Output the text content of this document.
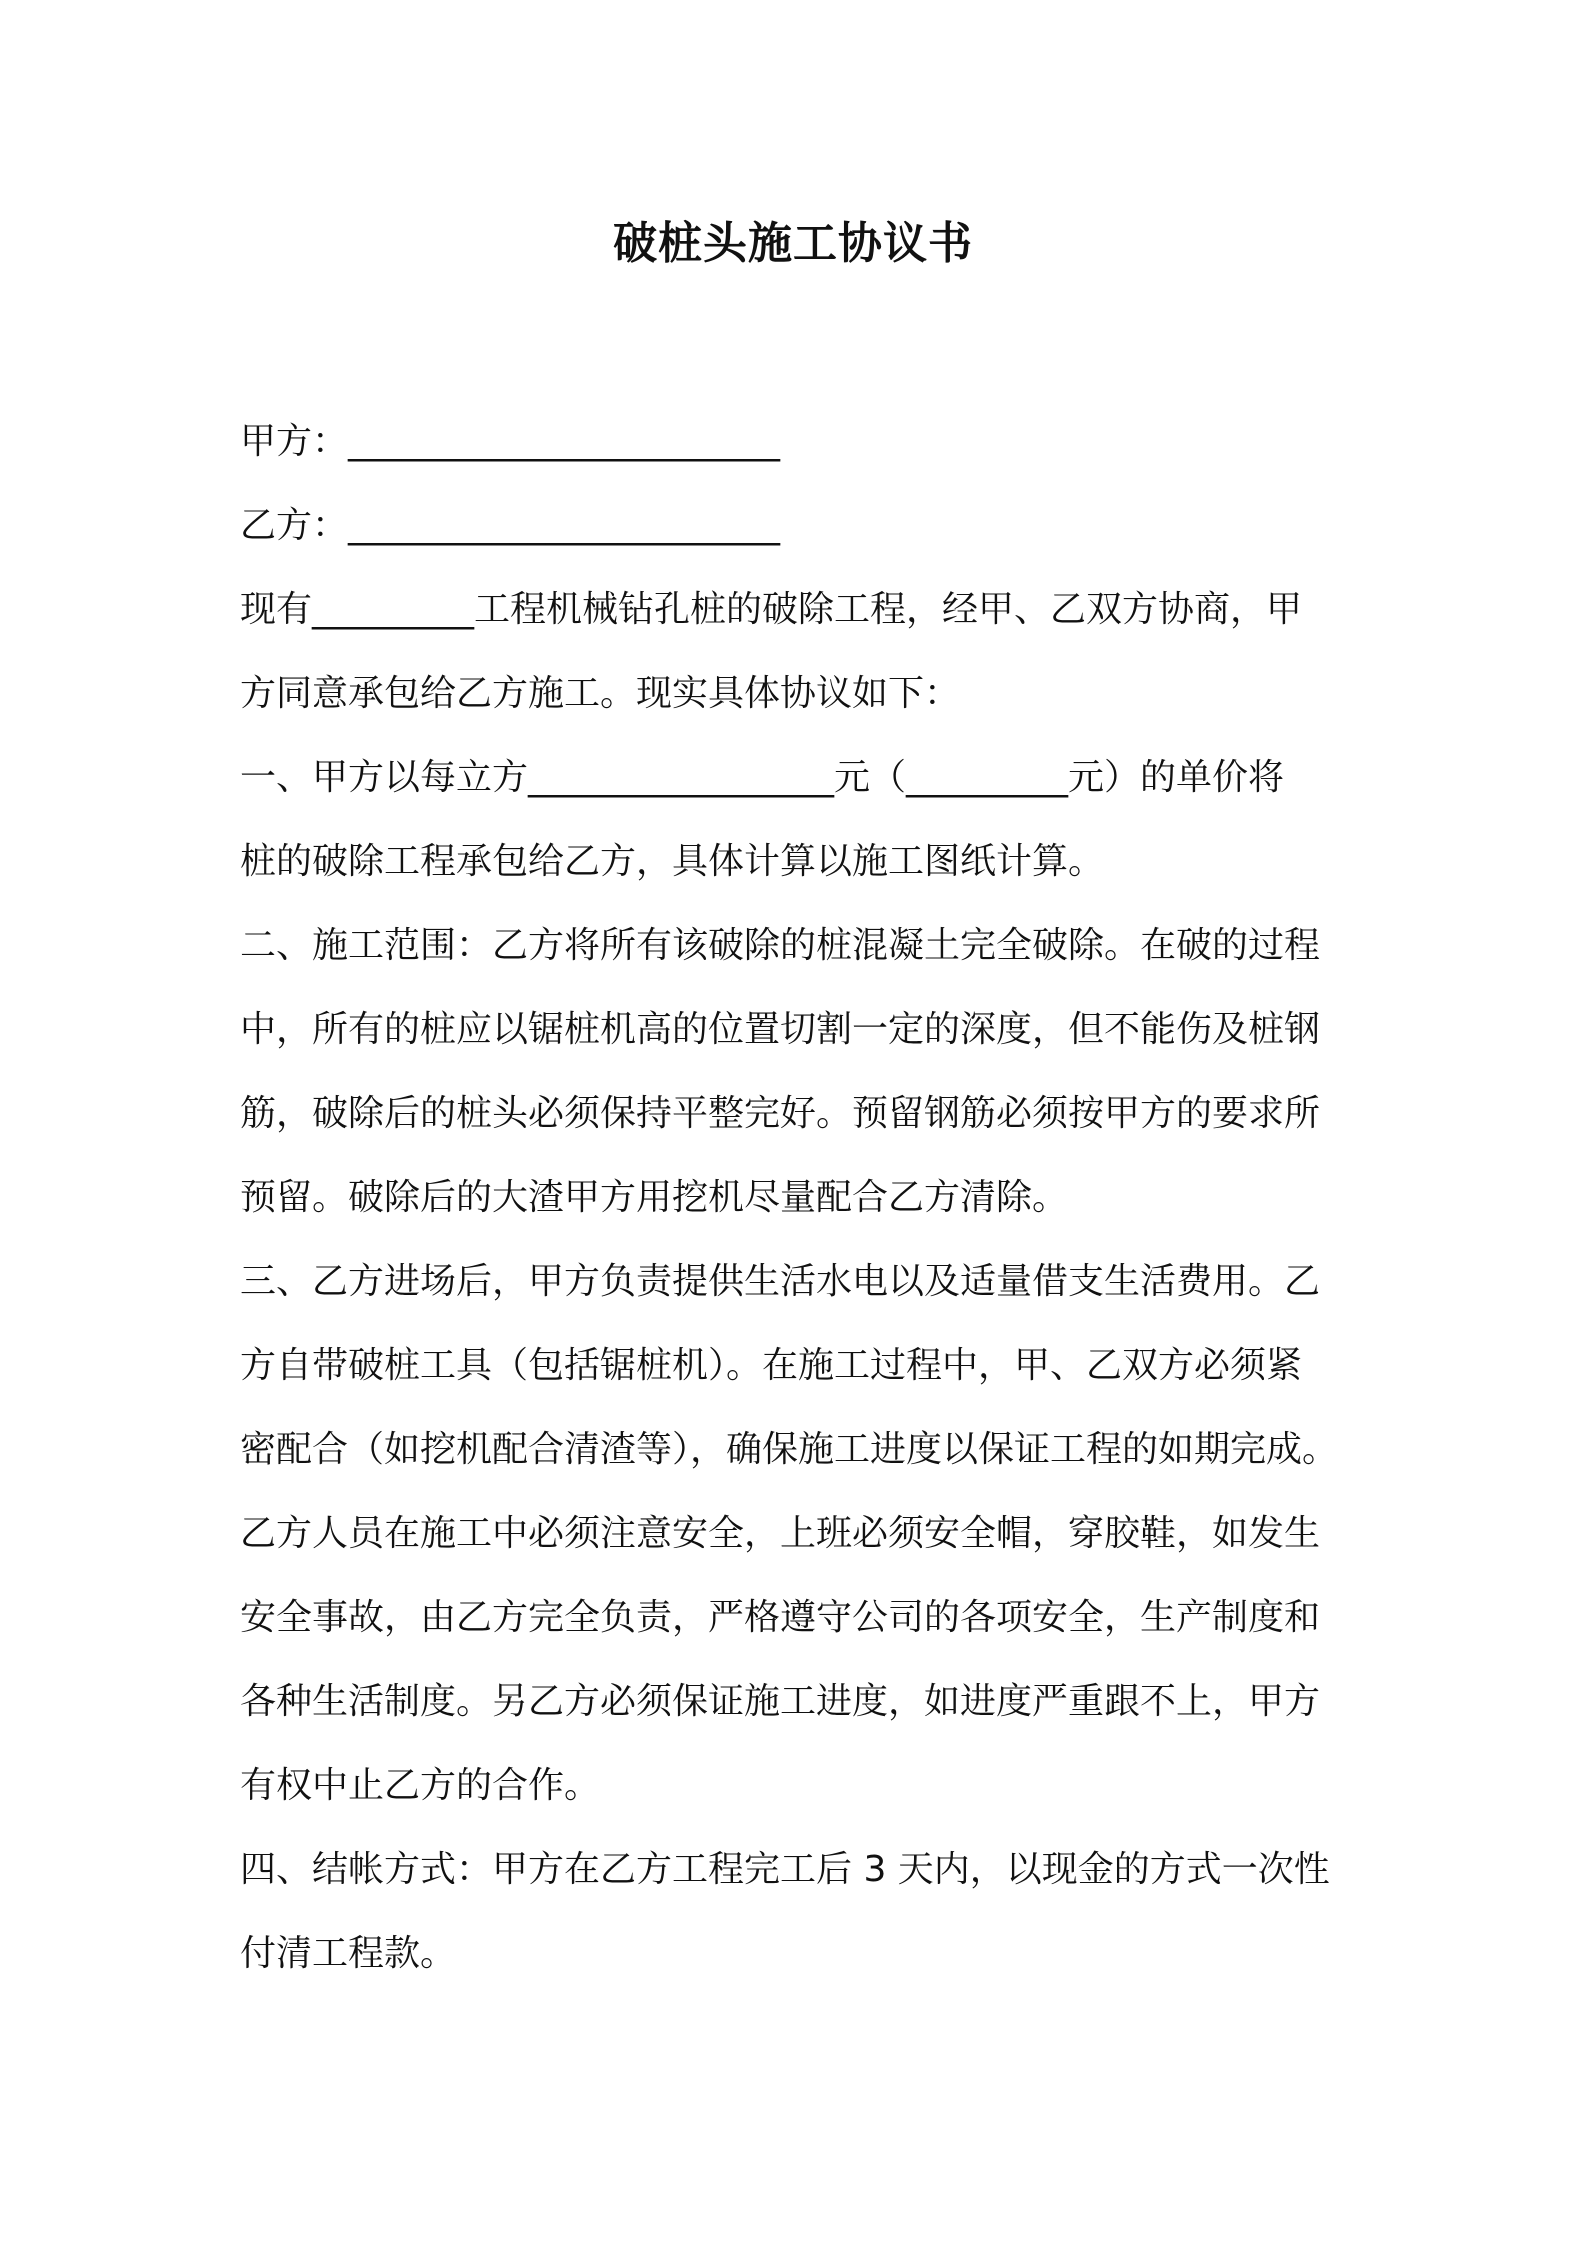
破桩头施工协议书
甲方：________________________
乙方：________________________
现有_________工程机械钻孔桩的破除工程，经甲、乙双方协商，甲
方同意承包给乙方施工。现实具体协议如下：
一、甲方以每立方_________________元（_________元）的单价将
桩的破除工程承包给乙方，具体计算以施工图纸计算。
二、施工范围：乙方将所有该破除的桩混凝土完全破除。在破的过程
中，所有的桩应以锯桩机高的位置切割一定的深度，但不能伤及桩钢
筋，破除后的桩头必须保持平整完好。预留钢筋必须按甲方的要求所
预留。破除后的大渣甲方用挖机尽量配合乙方清除。
三、乙方进场后，甲方负责提供生活水电以及适量借支生活费用。乙
方自带破桩工具（包括锯桩机）。在施工过程中，甲、乙双方必须紧
密配合（如挖机配合清渣等），确保施工进度以保证工程的如期完成。
乙方人员在施工中必须注意安全，上班必须安全帽，穿胶鞋，如发生
安全事故，由乙方完全负责，严格遵守公司的各项安全，生产制度和
各种生活制度。另乙方必须保证施工进度，如进度严重跟不上，甲方
有权中止乙方的合作。
四、结帐方式：甲方在乙方工程完工后 3 天内，以现金的方式一次性
付清工程款。
